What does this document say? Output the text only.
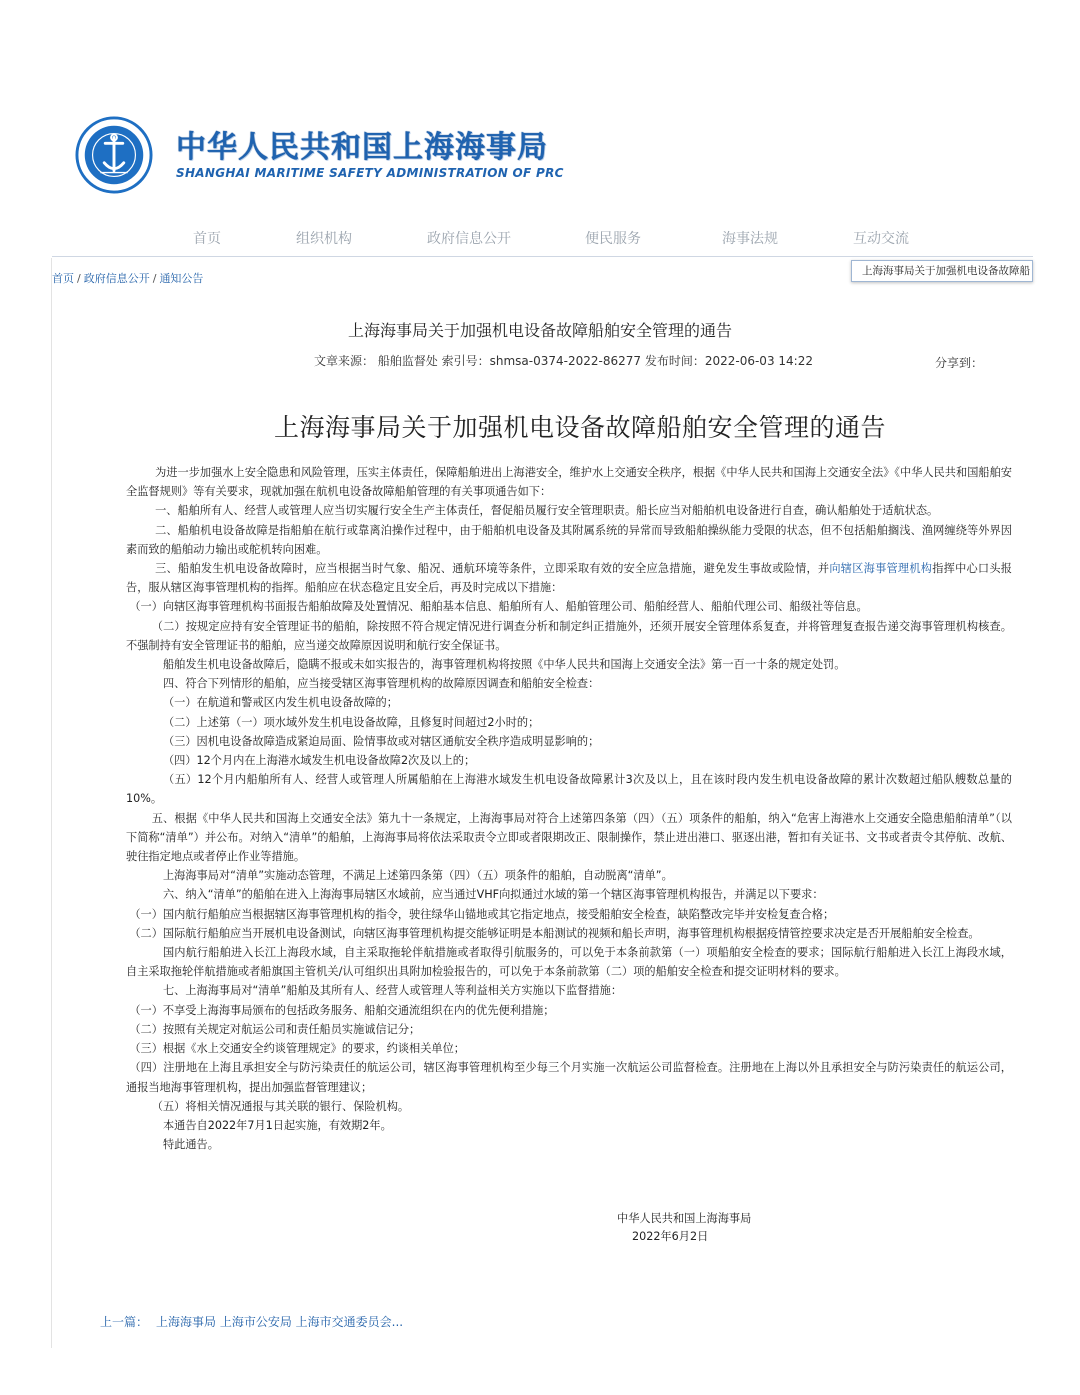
中华人民共和国上海海事局
SHANGHAI MARITIME SAFETY ADMINISTRATION OF PRC
首页	组织机构	政府信息公开	便民服务	海事法规	互动交流
首页 / 政府信息公开 / 通知公告
上海海事局关于加强机电设备故障船
上海海事局关于加强机电设备故障船舶安全管理的通告
文章来源： 船舶监督处 索引号：shmsa-0374-2022-86277 发布时间：2022-06-03 14:22	分享到：
上海海事局关于加强机电设备故障船舶安全管理的通告

为进一步加强水上安全隐患和风险管理，压实主体责任，保障船舶进出上海港安全，维护水上交通安全秩序，根据《中华人民共和国海上交通安全法》《中华人民共和国船舶安全监督规则》等有关要求，现就加强在航机电设备故障船舶管理的有关事项通告如下：

一、船舶所有人、经营人或管理人应当切实履行安全生产主体责任，督促船员履行安全管理职责。船长应当对船舶机电设备进行自查，确认船舶处于适航状态。

二、船舶机电设备故障是指船舶在航行或靠离泊操作过程中，由于船舶机电设备及其附属系统的异常而导致船舶操纵能力受限的状态，但不包括船舶搁浅、渔网缠绕等外界因素而致的船舶动力输出或舵机转向困难。

三、船舶发生机电设备故障时，应当根据当时气象、船况、通航环境等条件，立即采取有效的安全应急措施，避免发生事故或险情，并向辖区海事管理机构指挥中心口头报告，服从辖区海事管理机构的指挥。船舶应在状态稳定且安全后，再及时完成以下措施：

（一）向辖区海事管理机构书面报告船舶故障及处置情况、船舶基本信息、船舶所有人、船舶管理公司、船舶经营人、船舶代理公司、船级社等信息。

（二）按规定应持有安全管理证书的船舶，除按照不符合规定情况进行调查分析和制定纠正措施外，还须开展安全管理体系复查，并将管理复查报告递交海事管理机构核查。不强制持有安全管理证书的船舶，应当递交故障原因说明和航行安全保证书。

船舶发生机电设备故障后，隐瞒不报或未如实报告的，海事管理机构将按照《中华人民共和国海上交通安全法》第一百一十条的规定处罚。

四、符合下列情形的船舶，应当接受辖区海事管理机构的故障原因调查和船舶安全检查：

（一）在航道和警戒区内发生机电设备故障的；

（二）上述第（一）项水域外发生机电设备故障，且修复时间超过2小时的；

（三）因机电设备故障造成紧迫局面、险情事故或对辖区通航安全秩序造成明显影响的；

（四）12个月内在上海港水域发生机电设备故障2次及以上的；

（五）12个月内船舶所有人、经营人或管理人所属船舶在上海港水域发生机电设备故障累计3次及以上，且在该时段内发生机电设备故障的累计次数超过船队艘数总量的10%。

五、根据《中华人民共和国海上交通安全法》第九十一条规定，上海海事局对符合上述第四条第（四）（五）项条件的船舶，纳入“危害上海港水上交通安全隐患船舶清单”（以下简称“清单”）并公布。对纳入“清单”的船舶，上海海事局将依法采取责令立即或者限期改正、限制操作，禁止进出港口、驱逐出港，暂扣有关证书、文书或者责令其停航、改航、驶往指定地点或者停止作业等措施。

上海海事局对“清单”实施动态管理，不满足上述第四条第（四）（五）项条件的船舶，自动脱离“清单”。

六、纳入“清单”的船舶在进入上海海事局辖区水域前，应当通过VHF向拟通过水域的第一个辖区海事管理机构报告，并满足以下要求：

（一）国内航行船舶应当根据辖区海事管理机构的指令，驶往绿华山锚地或其它指定地点，接受船舶安全检查，缺陷整改完毕并安检复查合格；

（二）国际航行船舶应当开展机电设备测试，向辖区海事管理机构提交能够证明是本船测试的视频和船长声明，海事管理机构根据疫情管控要求决定是否开展船舶安全检查。

国内航行船舶进入长江上海段水域，自主采取拖轮伴航措施或者取得引航服务的，可以免于本条前款第（一）项船舶安全检查的要求；国际航行船舶进入长江上海段水域，自主采取拖轮伴航措施或者船旗国主管机关/认可组织出具附加检验报告的，可以免于本条前款第（二）项的船舶安全检查和提交证明材料的要求。

七、上海海事局对“清单”船舶及其所有人、经营人或管理人等利益相关方实施以下监督措施：

（一）不享受上海海事局颁布的包括政务服务、船舶交通流组织在内的优先便利措施；

（二）按照有关规定对航运公司和责任船员实施诚信记分；

（三）根据《水上交通安全约谈管理规定》的要求，约谈相关单位；

（四）注册地在上海且承担安全与防污染责任的航运公司，辖区海事管理机构至少每三个月实施一次航运公司监督检查。注册地在上海以外且承担安全与防污染责任的航运公司，通报当地海事管理机构，提出加强监督管理建议；

（五）将相关情况通报与其关联的银行、保险机构。

本通告自2022年7月1日起实施，有效期2年。

特此通告。

中华人民共和国上海海事局
2022年6月2日
上一篇： 上海海事局 上海市公安局 上海市交通委员会...
